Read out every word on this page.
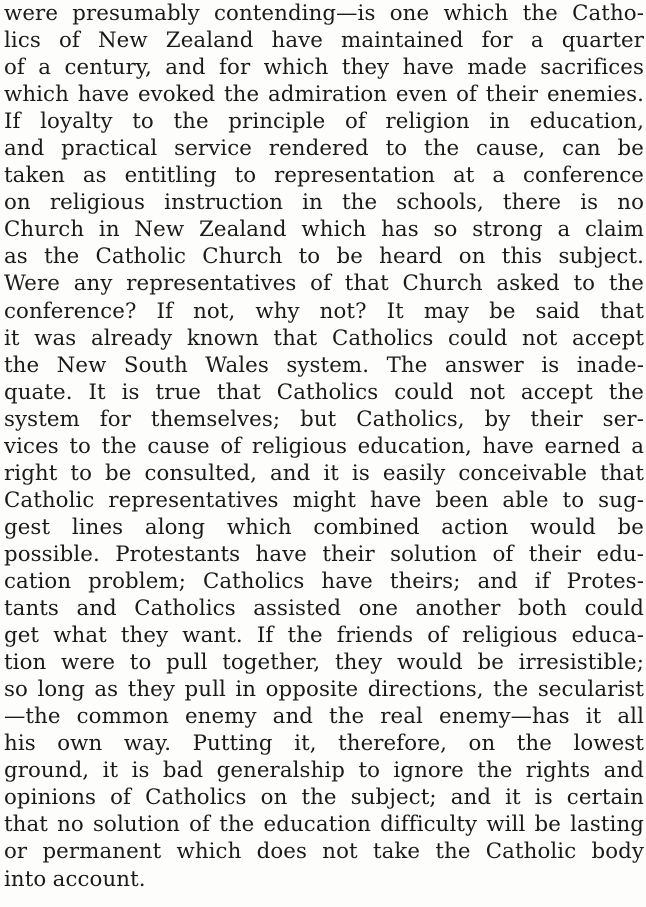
were presumably contending—is one which the Catho-
lics of New Zealand have maintained for a quarter
of a century, and for which they have made sacrifices
which have evoked the admiration even of their enemies.
If loyalty to the principle of religion in education,
and practical service rendered to the cause, can be
taken as entitling to representation at a conference
on religious instruction in the schools, there is no
Church in New Zealand which has so strong a claim
as the Catholic Church to be heard on this subject.
Were any representatives of that Church asked to the
conference? If not, why not? It may be said that
it was already known that Catholics could not accept
the New South Wales system. The answer is inade-
quate. It is true that Catholics could not accept the
system for themselves; but Catholics, by their ser-
vices to the cause of religious education, have earned a
right to be consulted, and it is easily conceivable that
Catholic representatives might have been able to sug-
gest lines along which combined action would be
possible. Protestants have their solution of their edu-
cation problem; Catholics have theirs; and if Protes-
tants and Catholics assisted one another both could
get what they want. If the friends of religious educa-
tion were to pull together, they would be irresistible;
so long as they pull in opposite directions, the secularist
—the common enemy and the real enemy—has it all
his own way. Putting it, therefore, on the lowest
ground, it is bad generalship to ignore the rights and
opinions of Catholics on the subject; and it is certain
that no solution of the education difficulty will be lasting
or permanent which does not take the Catholic body
into account.
